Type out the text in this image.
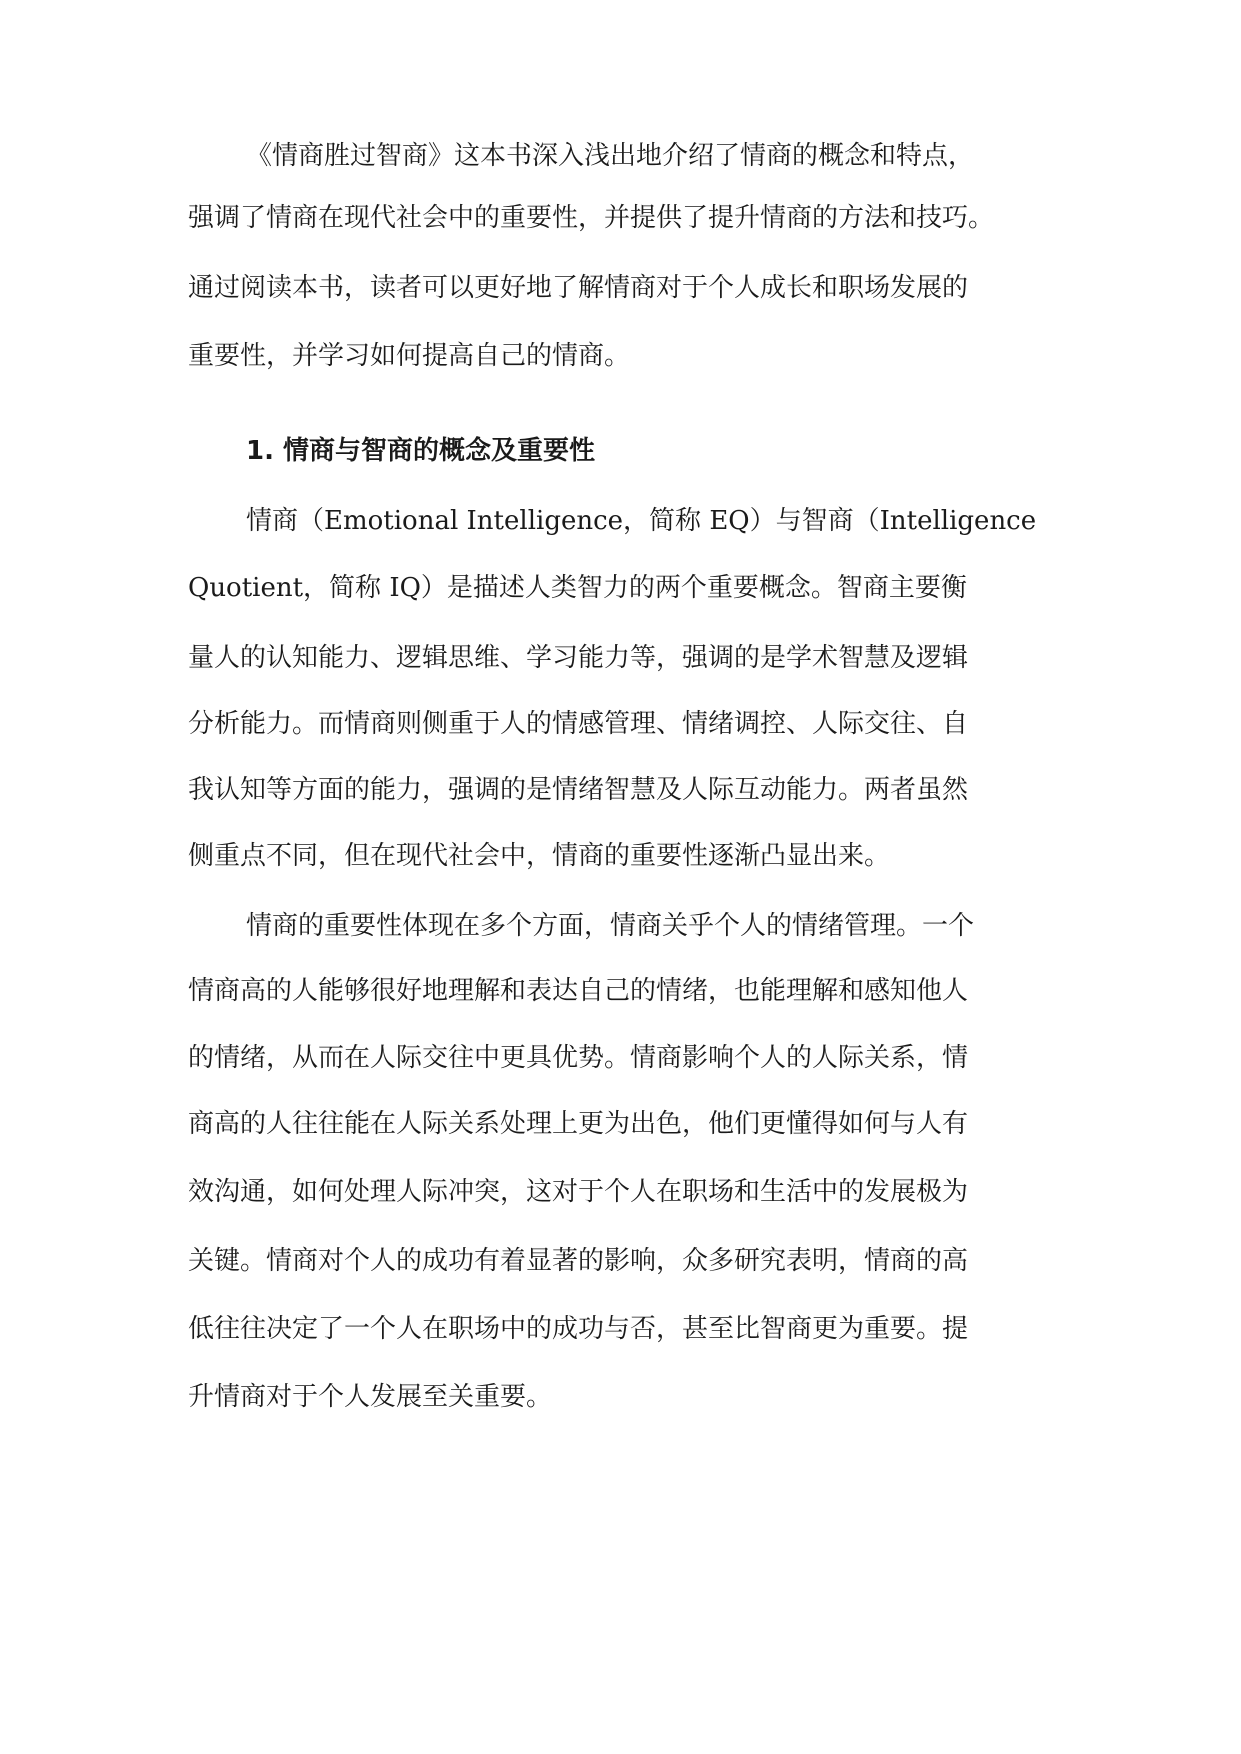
《情商胜过智商》这本书深入浅出地介绍了情商的概念和特点，
强调了情商在现代社会中的重要性，并提供了提升情商的方法和技巧。
通过阅读本书，读者可以更好地了解情商对于个人成长和职场发展的
重要性，并学习如何提高自己的情商。
1. 情商与智商的概念及重要性
情商（Emotional Intelligence，简称 EQ）与智商（Intelligence
Quotient，简称 IQ）是描述人类智力的两个重要概念。智商主要衡
量人的认知能力、逻辑思维、学习能力等，强调的是学术智慧及逻辑
分析能力。而情商则侧重于人的情感管理、情绪调控、人际交往、自
我认知等方面的能力，强调的是情绪智慧及人际互动能力。两者虽然
侧重点不同，但在现代社会中，情商的重要性逐渐凸显出来。
情商的重要性体现在多个方面，情商关乎个人的情绪管理。一个
情商高的人能够很好地理解和表达自己的情绪，也能理解和感知他人
的情绪，从而在人际交往中更具优势。情商影响个人的人际关系，情
商高的人往往能在人际关系处理上更为出色，他们更懂得如何与人有
效沟通，如何处理人际冲突，这对于个人在职场和生活中的发展极为
关键。情商对个人的成功有着显著的影响，众多研究表明，情商的高
低往往决定了一个人在职场中的成功与否，甚至比智商更为重要。提
升情商对于个人发展至关重要。
